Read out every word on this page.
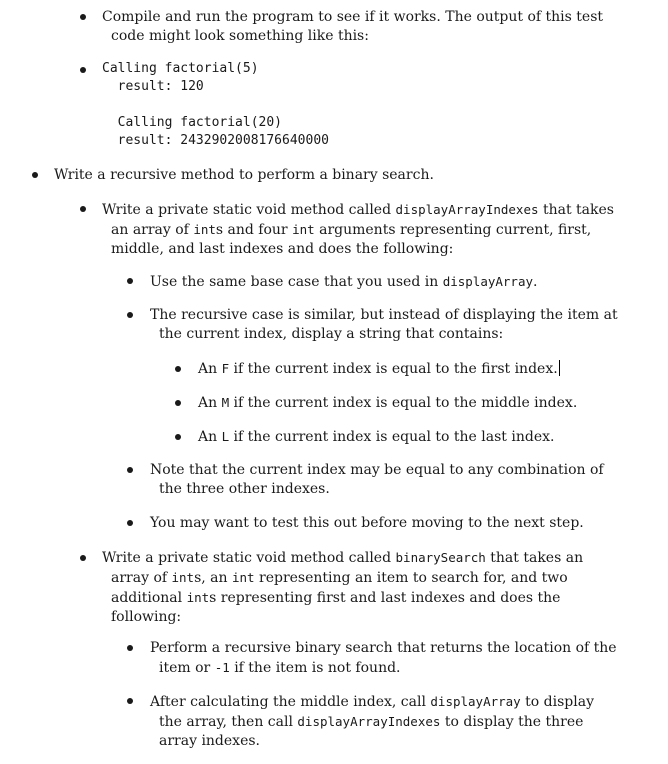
Compile and run the program to see if it works. The output of this test code might look something like this:
Calling factorial(5)
result: 120

Calling factorial(20)
result: 2432902008176640000
Write a recursive method to perform a binary search.
Write a private static void method called displayArrayIndexes that takes an array of ints and four int arguments representing current, first, middle, and last indexes and does the following:
Use the same base case that you used in displayArray.
The recursive case is similar, but instead of displaying the item at the current index, display a string that contains:
An F if the current index is equal to the first index.
An M if the current index is equal to the middle index.
An L if the current index is equal to the last index.
Note that the current index may be equal to any combination of the three other indexes.
You may want to test this out before moving to the next step.
Write a private static void method called binarySearch that takes an array of ints, an int representing an item to search for, and two additional ints representing first and last indexes and does the following:
Perform a recursive binary search that returns the location of the item or -1 if the item is not found.
After calculating the middle index, call displayArray to display the array, then call displayArrayIndexes to display the three array indexes.
